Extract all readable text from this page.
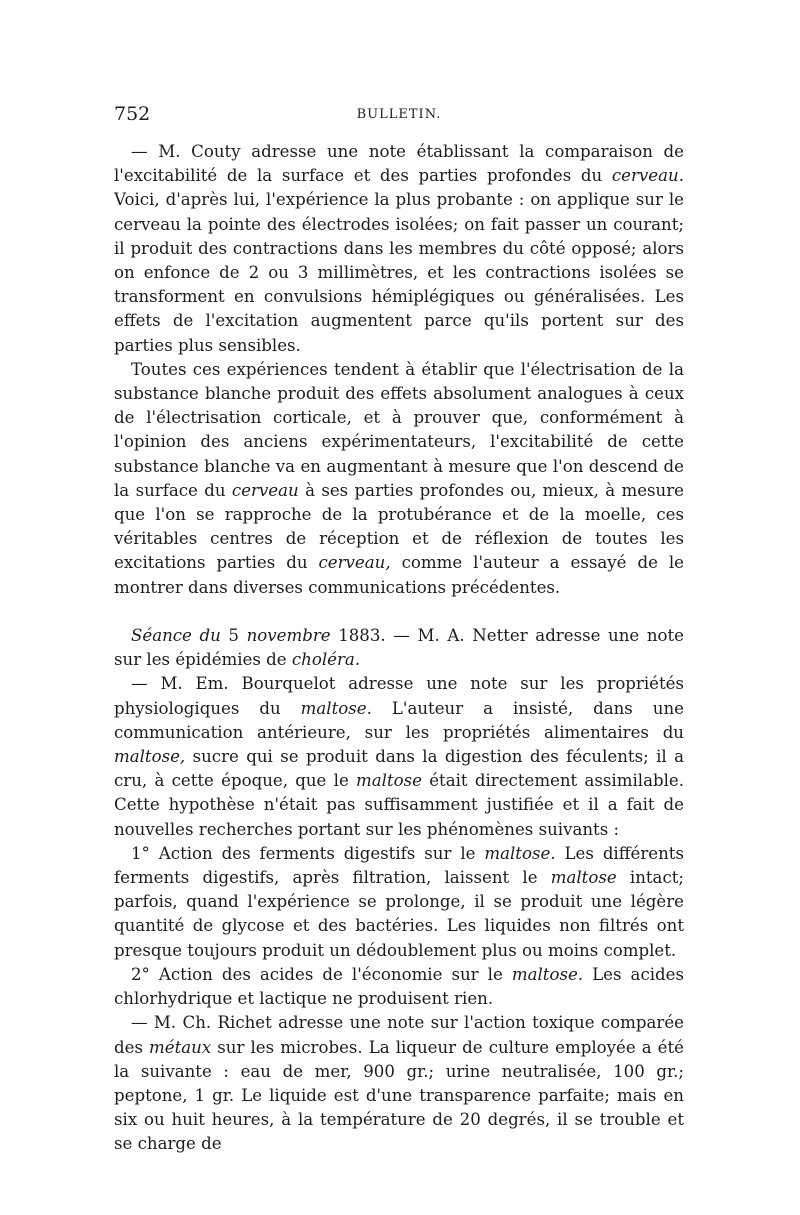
752	BULLETIN.

— M. Couty adresse une note établissant la comparaison de l'excitabilité de la surface et des parties profondes du cerveau. Voici, d'après lui, l'expérience la plus probante : on applique sur le cerveau la pointe des électrodes isolées; on fait passer un courant; il produit des contractions dans les membres du côté opposé; alors on enfonce de 2 ou 3 millimètres, et les contractions isolées se transforment en convulsions hémiplégiques ou généralisées. Les effets de l'excitation augmentent parce qu'ils portent sur des parties plus sensibles.

Toutes ces expériences tendent à établir que l'électrisation de la substance blanche produit des effets absolument analogues à ceux de l'électrisation corticale, et à prouver que, conformément à l'opinion des anciens expérimentateurs, l'excitabilité de cette substance blanche va en augmentant à mesure que l'on descend de la surface du cerveau à ses parties profondes ou, mieux, à mesure que l'on se rapproche de la protubérance et de la moelle, ces véritables centres de réception et de réflexion de toutes les excitations parties du cerveau, comme l'auteur a essayé de le montrer dans diverses communications précédentes.

Séance du 5 novembre 1883. — M. A. Netter adresse une note sur les épidémies de choléra.

— M. Em. Bourquelot adresse une note sur les propriétés physiologiques du maltose. L'auteur a insisté, dans une communication antérieure, sur les propriétés alimentaires du maltose, sucre qui se produit dans la digestion des féculents; il a cru, à cette époque, que le maltose était directement assimilable. Cette hypothèse n'était pas suffisamment justifiée et il a fait de nouvelles recherches portant sur les phénomènes suivants :

1° Action des ferments digestifs sur le maltose. Les différents ferments digestifs, après filtration, laissent le maltose intact; parfois, quand l'expérience se prolonge, il se produit une légère quantité de glycose et des bactéries. Les liquides non filtrés ont presque toujours produit un dédoublement plus ou moins complet.

2° Action des acides de l'économie sur le maltose. Les acides chlorhydrique et lactique ne produisent rien.

— M. Ch. Richet adresse une note sur l'action toxique comparée des métaux sur les microbes. La liqueur de culture employée a été la suivante : eau de mer, 900 gr.; urine neutralisée, 100 gr.; peptone, 1 gr. Le liquide est d'une transparence parfaite; mais en six ou huit heures, à la température de 20 degrés, il se trouble et se charge de
